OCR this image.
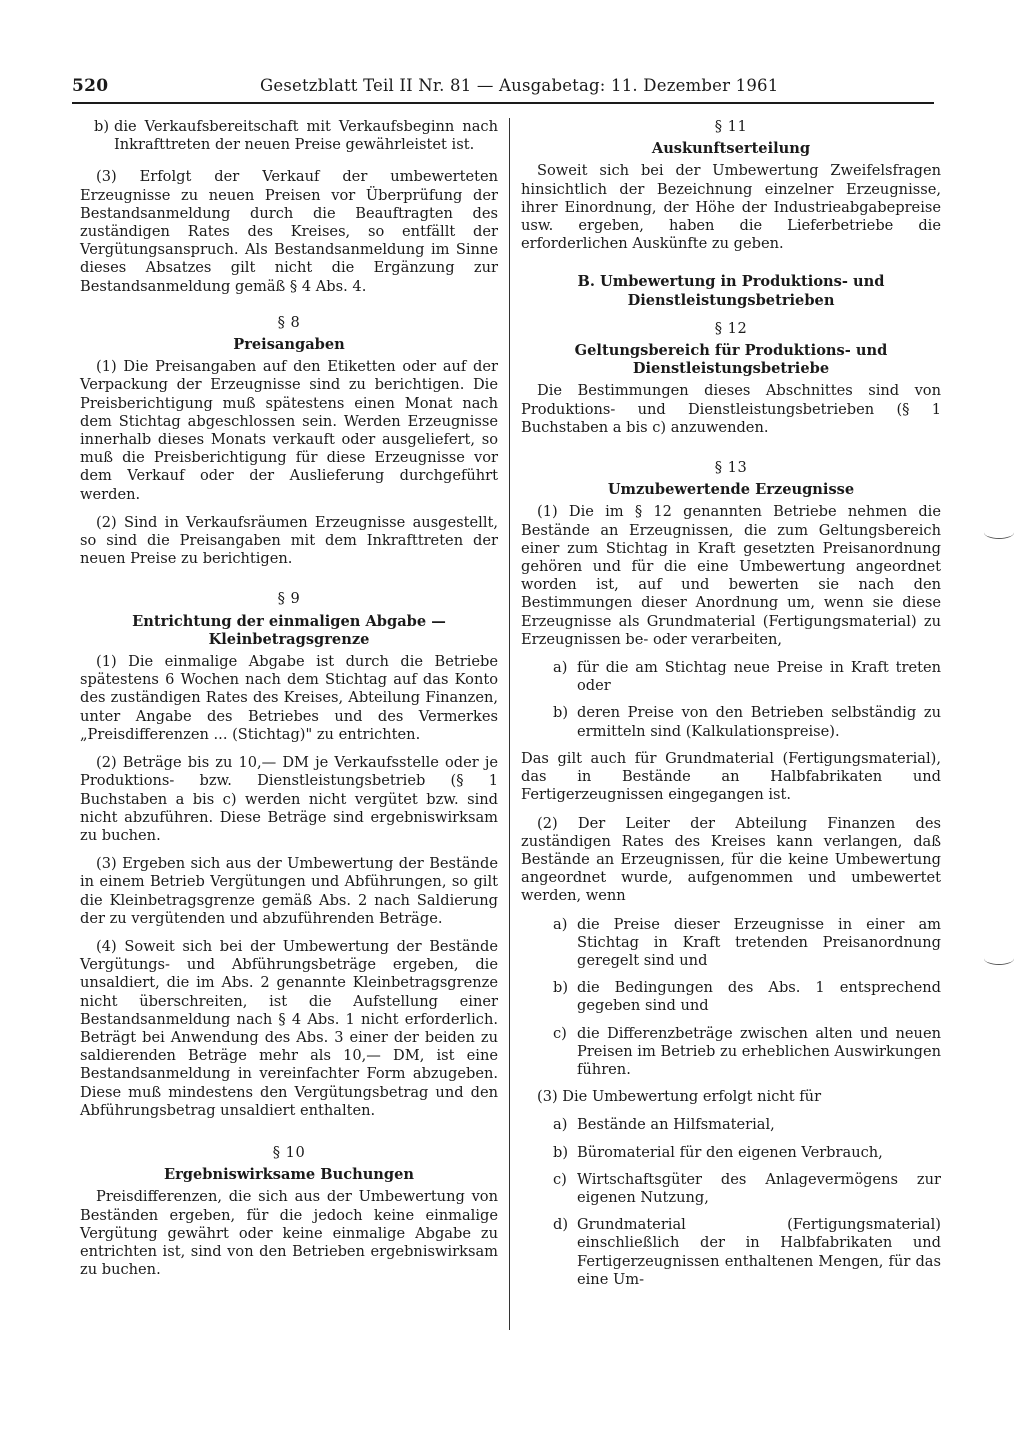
520	Gesetzblatt Teil II Nr. 81 — Ausgabetag: 11. Dezember 1961
b) die Verkaufsbereitschaft mit Verkaufsbeginn nach Inkrafttreten der neuen Preise gewährleistet ist.

(3) Erfolgt der Verkauf der umbewerteten Erzeugnisse zu neuen Preisen vor Überprüfung der Bestandsanmeldung durch die Beauftragten des zuständigen Rates des Kreises, so entfällt der Vergütungsanspruch. Als Bestandsanmeldung im Sinne dieses Absatzes gilt nicht die Ergänzung zur Bestandsanmeldung gemäß § 4 Abs. 4.

§ 8
Preisangaben

(1) Die Preisangaben auf den Etiketten oder auf der Verpackung der Erzeugnisse sind zu berichtigen. Die Preisberichtigung muß spätestens einen Monat nach dem Stichtag abgeschlossen sein. Werden Erzeugnisse innerhalb dieses Monats verkauft oder ausgeliefert, so muß die Preisberichtigung für diese Erzeugnisse vor dem Verkauf oder der Auslieferung durchgeführt werden.

(2) Sind in Verkaufsräumen Erzeugnisse ausgestellt, so sind die Preisangaben mit dem Inkrafttreten der neuen Preise zu berichtigen.

§ 9
Entrichtung der einmaligen Abgabe — Kleinbetragsgrenze

(1) Die einmalige Abgabe ist durch die Betriebe spätestens 6 Wochen nach dem Stichtag auf das Konto des zuständigen Rates des Kreises, Abteilung Finanzen, unter Angabe des Betriebes und des Vermerkes „Preisdifferenzen ... (Stichtag)" zu entrichten.

(2) Beträge bis zu 10,— DM je Verkaufsstelle oder je Produktions- bzw. Dienstleistungsbetrieb (§ 1 Buchstaben a bis c) werden nicht vergütet bzw. sind nicht abzuführen. Diese Beträge sind ergebniswirksam zu buchen.

(3) Ergeben sich aus der Umbewertung der Bestände in einem Betrieb Vergütungen und Abführungen, so gilt die Kleinbetragsgrenze gemäß Abs. 2 nach Saldierung der zu vergütenden und abzuführenden Beträge.

(4) Soweit sich bei der Umbewertung der Bestände Vergütungs- und Abführungsbeträge ergeben, die unsaldiert, die im Abs. 2 genannte Kleinbetragsgrenze nicht überschreiten, ist die Aufstellung einer Bestandsanmeldung nach § 4 Abs. 1 nicht erforderlich. Beträgt bei Anwendung des Abs. 3 einer der beiden zu saldierenden Beträge mehr als 10,— DM, ist eine Bestandsanmeldung in vereinfachter Form abzugeben. Diese muß mindestens den Vergütungsbetrag und den Abführungsbetrag unsaldiert enthalten.

§ 10
Ergebniswirksame Buchungen

Preisdifferenzen, die sich aus der Umbewertung von Beständen ergeben, für die jedoch keine einmalige Vergütung gewährt oder keine einmalige Abgabe zu entrichten ist, sind von den Betrieben ergebniswirksam zu buchen.

§ 11
Auskunftserteilung

Soweit sich bei der Umbewertung Zweifelsfragen hinsichtlich der Bezeichnung einzelner Erzeugnisse, ihrer Einordnung, der Höhe der Industrieabgabepreise usw. ergeben, haben die Lieferbetriebe die erforderlichen Auskünfte zu geben.

B. Umbewertung in Produktions- und Dienstleistungsbetrieben
§ 12
Geltungsbereich für Produktions- und Dienstleistungsbetriebe

Die Bestimmungen dieses Abschnittes sind von Produktions- und Dienstleistungsbetrieben (§ 1 Buchstaben a bis c) anzuwenden.

§ 13
Umzubewertende Erzeugnisse

(1) Die im § 12 genannten Betriebe nehmen die Bestände an Erzeugnissen, die zum Geltungsbereich einer zum Stichtag in Kraft gesetzten Preisanordnung gehören und für die eine Umbewertung angeordnet worden ist, auf und bewerten sie nach den Bestimmungen dieser Anordnung um, wenn sie diese Erzeugnisse als Grundmaterial (Fertigungsmaterial) zu Erzeugnissen be- oder verarbeiten,

a) für die am Stichtag neue Preise in Kraft treten oder
b) deren Preise von den Betrieben selbständig zu ermitteln sind (Kalkulationspreise).

Das gilt auch für Grundmaterial (Fertigungsmaterial), das in Bestände an Halbfabrikaten und Fertigerzeugnissen eingegangen ist.

(2) Der Leiter der Abteilung Finanzen des zuständigen Rates des Kreises kann verlangen, daß Bestände an Erzeugnissen, für die keine Umbewertung angeordnet wurde, aufgenommen und umbewertet werden, wenn

a) die Preise dieser Erzeugnisse in einer am Stichtag in Kraft tretenden Preisanordnung geregelt sind und
b) die Bedingungen des Abs. 1 entsprechend gegeben sind und
c) die Differenzbeträge zwischen alten und neuen Preisen im Betrieb zu erheblichen Auswirkungen führen.

(3) Die Umbewertung erfolgt nicht für

a) Bestände an Hilfsmaterial,
b) Büromaterial für den eigenen Verbrauch,
c) Wirtschaftsgüter des Anlagevermögens zur eigenen Nutzung,
d) Grundmaterial (Fertigungsmaterial) einschließlich der in Halbfabrikaten und Fertigerzeugnissen enthaltenen Mengen, für das eine Um-
